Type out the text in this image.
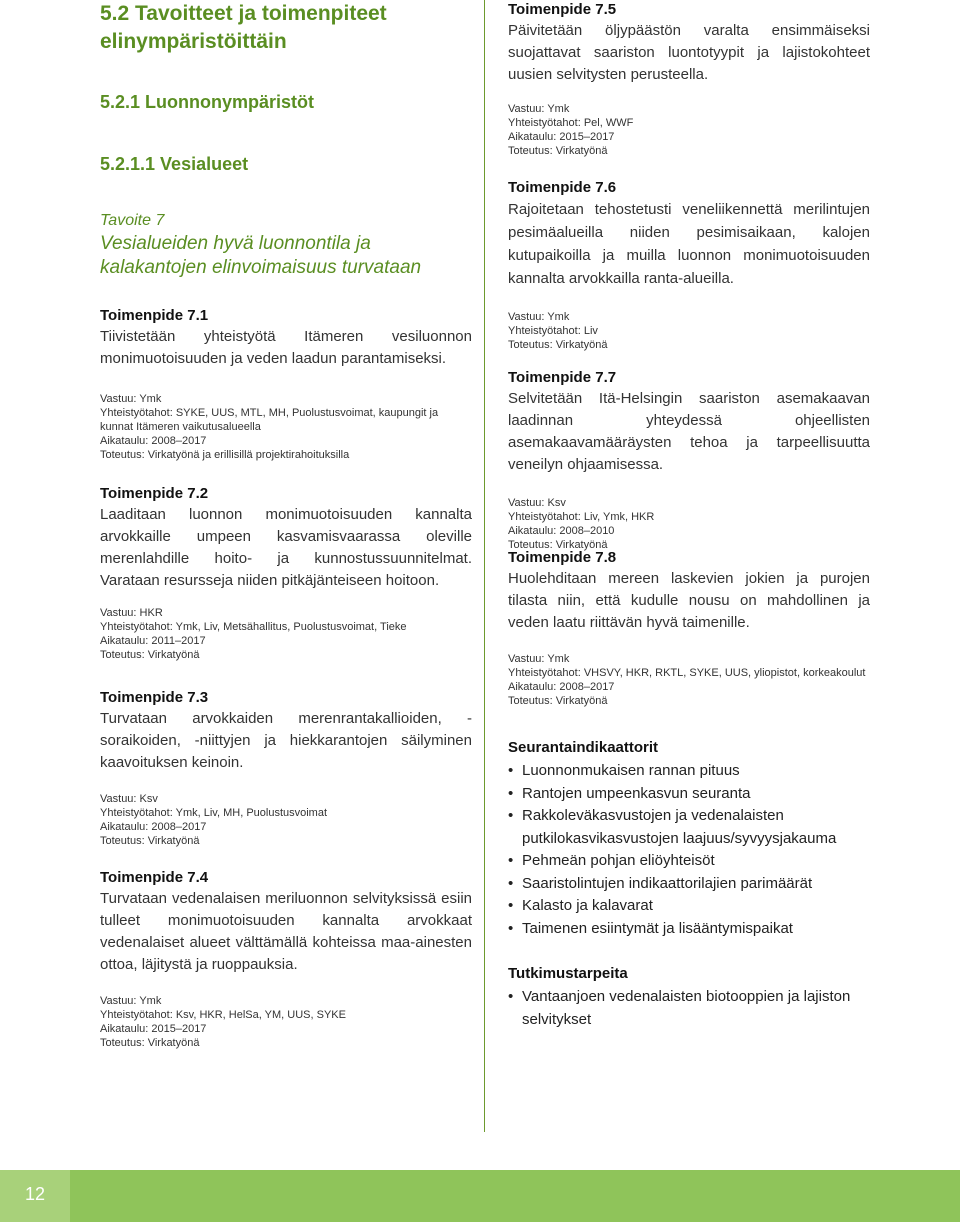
5.2 Tavoitteet ja toimenpiteet elinympäristöittäin
5.2.1 Luonnonympäristöt
5.2.1.1 Vesialueet

Tavoite 7

Vesialueiden hyvä luonnontila ja kalakantojen elinvoimaisuus turvataan

Toimenpide 7.1

Tiivistetään yhteistyötä Itämeren vesiluonnon monimuotoisuuden ja veden laadun parantamiseksi.

Vastuu: Ymk

Yhteistyötahot: SYKE, UUS, MTL, MH, Puolustusvoimat, kaupungit ja kunnat Itämeren vaikutusalueella

Aikataulu: 2008–2017

Toteutus: Virkatyönä ja erillisillä projektirahoituksilla

Toimenpide 7.2

Laaditaan luonnon monimuotoisuuden kannalta arvokkaille umpeen kasvamisvaarassa oleville merenlahdille hoito- ja kunnostussuunnitelmat. Varataan resursseja niiden pitkäjänteiseen hoitoon.

Vastuu: HKR

Yhteistyötahot: Ymk, Liv, Metsähallitus, Puolustusvoimat, Tieke

Aikataulu: 2011–2017

Toteutus: Virkatyönä

Toimenpide 7.3

Turvataan arvokkaiden merenrantakallioiden, -soraikoiden, -niittyjen ja hiekkarantojen säilyminen kaavoituksen keinoin.

Vastuu: Ksv

Yhteistyötahot: Ymk, Liv, MH, Puolustusvoimat

Aikataulu: 2008–2017

Toteutus: Virkatyönä

Toimenpide 7.4

Turvataan vedenalaisen meriluonnon selvityksissä esiin tulleet monimuotoisuuden kannalta arvokkaat vedenalaiset alueet välttämällä kohteissa maa-ainesten ottoa, läjitystä ja ruoppauksia.

Vastuu: Ymk

Yhteistyötahot: Ksv, HKR, HelSa, YM, UUS, SYKE

Aikataulu: 2015–2017

Toteutus: Virkatyönä

Toimenpide 7.5

Päivitetään öljypäästön varalta ensimmäiseksi suojattavat saariston luontotyypit ja lajistokohteet uusien selvitysten perusteella.

Vastuu: Ymk

Yhteistyötahot: Pel, WWF

Aikataulu: 2015–2017

Toteutus: Virkatyönä

Toimenpide 7.6

Rajoitetaan tehostetusti veneliikennettä merilintujen pesimäalueilla niiden pesimisaikaan, kalojen kutupaikoilla ja muilla luonnon monimuotoisuuden kannalta arvokkailla ranta-alueilla.

Vastuu: Ymk

Yhteistyötahot: Liv

Toteutus: Virkatyönä

Toimenpide 7.7

Selvitetään Itä-Helsingin saariston asemakaavan laadinnan yhteydessä ohjeellisten asemakaavamääräysten tehoa ja tarpeellisuutta veneilyn ohjaamisessa.

Vastuu: Ksv

Yhteistyötahot: Liv, Ymk, HKR

Aikataulu: 2008–2010

Toteutus: Virkatyönä

Toimenpide 7.8

Huolehditaan mereen laskevien jokien ja purojen tilasta niin, että kudulle nousu on mahdollinen ja veden laatu riittävän hyvä taimenille.

Vastuu: Ymk

Yhteistyötahot: VHSVY, HKR, RKTL, SYKE, UUS, yliopistot, korkeakoulut

Aikataulu: 2008–2017

Toteutus: Virkatyönä

Seurantaindikaattorit

• Luonnonmukaisen rannan pituus
• Rantojen umpeenkasvun seuranta
• Rakkoleväkasvustojen ja vedenalaisten putkilokasvikasvustojen laajuus/syvyysjakauma
• Pehmeän pohjan eliöyhteisöt
• Saaristolintujen indikaattorilajien parimäärät
• Kalasto ja kalavarat
• Taimenen esiintymät ja lisääntymispaikat

Tutkimustarpeita

• Vantaanjoen vedenalaisten biotooppien ja lajiston selvitykset
12
